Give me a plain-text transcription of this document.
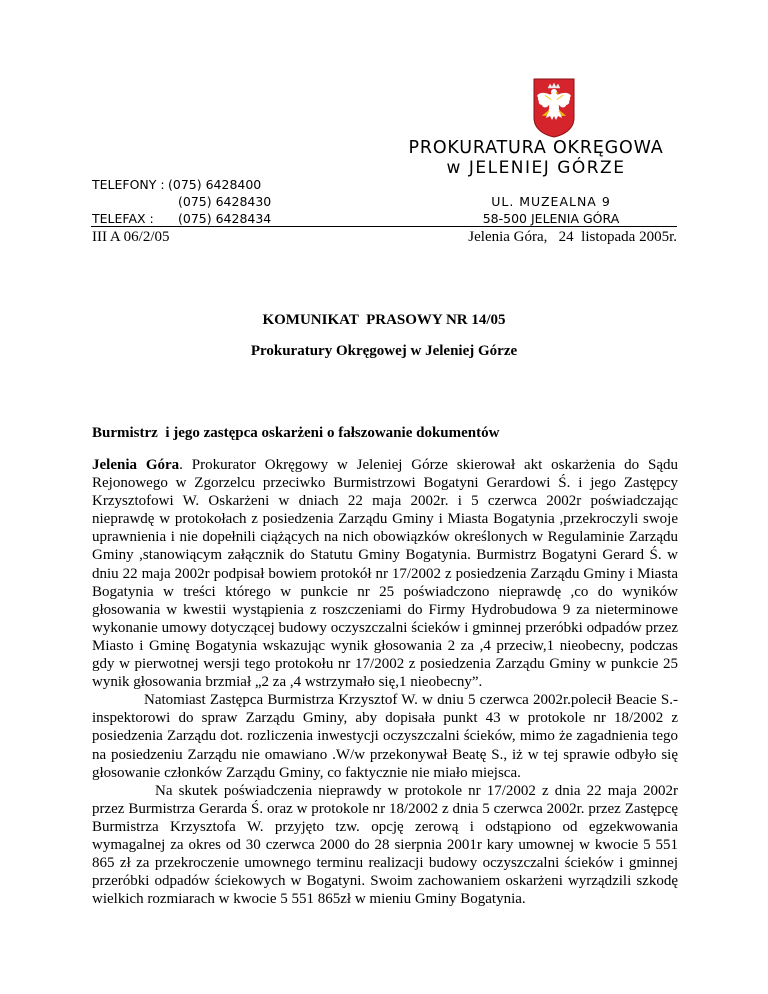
PROKURATURA OKRĘGOWA
w JELENIEJ GÓRZE
TELEFONY : (075) 6428400
(075) 6428430
TELEFAX : (075) 6428434
UL. MUZEALNA 9
58-500 JELENIA GÓRA
III A 06/2/05	Jelenia Góra,   24  listopada 2005r.
KOMUNIKAT  PRASOWY NR 14/05
Prokuratury Okręgowej w Jeleniej Górze
Burmistrz  i jego zastępca oskarżeni o fałszowanie dokumentów

Jelenia Góra. Prokurator Okręgowy w Jeleniej Górze skierował akt oskarżenia do Sądu Rejonowego w Zgorzelcu przeciwko Burmistrzowi Bogatyni Gerardowi Ś. i jego Zastępcy Krzysztofowi W. Oskarżeni w dniach 22 maja 2002r. i 5 czerwca 2002r poświadczając nieprawdę w protokołach z posiedzenia Zarządu Gminy i Miasta Bogatynia ,przekroczyli swoje uprawnienia i nie dopełnili ciążących na nich obowiązków określonych w Regulaminie Zarządu Gminy ,stanowiącym załącznik do Statutu Gminy Bogatynia. Burmistrz Bogatyni Gerard Ś. w dniu 22 maja 2002r podpisał bowiem protokół nr 17/2002 z posiedzenia Zarządu Gminy i Miasta Bogatynia w treści którego w punkcie nr 25 poświadczono nieprawdę ,co do wyników głosowania w kwestii wystąpienia z roszczeniami do Firmy Hydrobudowa 9 za nieterminowe wykonanie umowy dotyczącej budowy oczyszczalni ścieków i gminnej przeróbki odpadów przez Miasto i Gminę Bogatynia wskazując wynik głosowania 2 za ,4 przeciw,1 nieobecny, podczas gdy w pierwotnej wersji tego protokołu nr 17/2002 z posiedzenia Zarządu Gminy w punkcie 25 wynik głosowania brzmiał „2 za ,4 wstrzymało się,1 nieobecny”.

Natomiast Zastępca Burmistrza Krzysztof W. w dniu 5 czerwca 2002r.polecił Beacie S.- inspektorowi do spraw Zarządu Gminy, aby dopisała punkt 43 w protokole nr 18/2002 z posiedzenia Zarządu dot. rozliczenia inwestycji oczyszczalni ścieków, mimo że zagadnienia tego na posiedzeniu Zarządu nie omawiano .W/w przekonywał Beatę S., iż w tej sprawie odbyło się głosowanie członków Zarządu Gminy, co faktycznie nie miało miejsca.

Na skutek poświadczenia nieprawdy w protokole nr 17/2002 z dnia 22 maja 2002r przez Burmistrza Gerarda Ś. oraz w protokole nr 18/2002 z dnia 5 czerwca 2002r. przez Zastępcę Burmistrza Krzysztofa W. przyjęto tzw. opcję zerową i odstąpiono od egzekwowania wymagalnej za okres od 30 czerwca 2000 do 28 sierpnia 2001r kary umownej w kwocie 5 551 865 zł za przekroczenie umownego terminu realizacji budowy oczyszczalni ścieków i gminnej przeróbki odpadów ściekowych w Bogatyni. Swoim zachowaniem oskarżeni wyrządzili szkodę wielkich rozmiarach w kwocie 5 551 865zł w mieniu Gminy Bogatynia.
